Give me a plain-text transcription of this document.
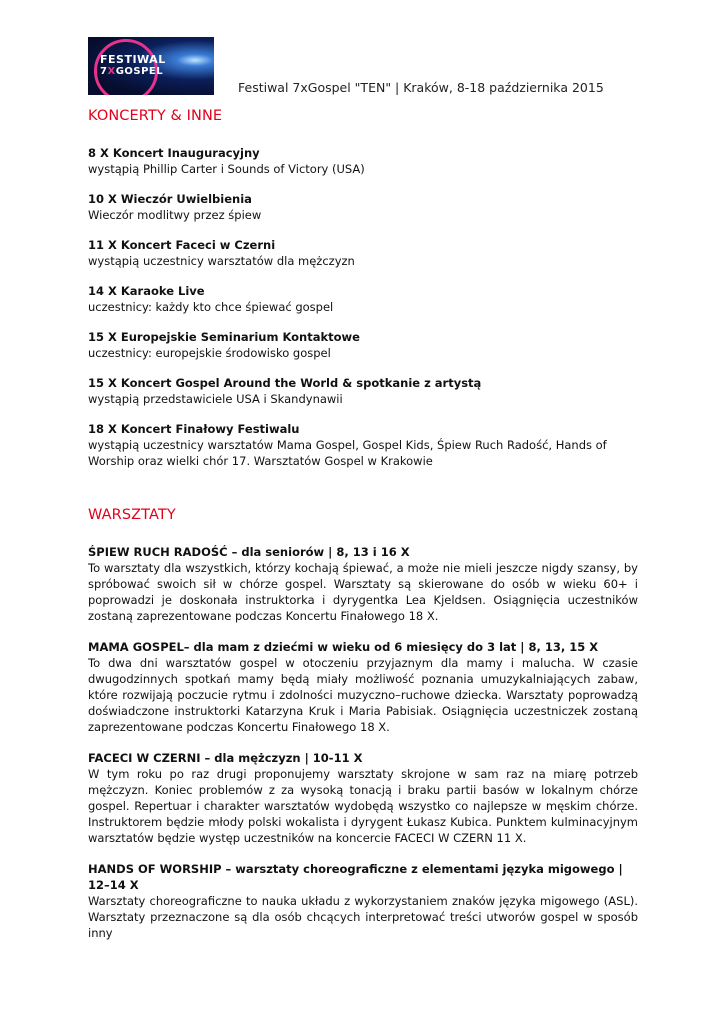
FESTIWAL
7XGOSPEL
Festiwal 7xGospel "TEN" | Kraków, 8-18 października 2015
KONCERTY & INNE
8 X Koncert Inauguracyjny
wystąpią Phillip Carter i Sounds of Victory (USA)
10 X Wieczór Uwielbienia
Wieczór modlitwy przez śpiew
11 X Koncert Faceci w Czerni
wystąpią uczestnicy warsztatów dla mężczyzn
14 X Karaoke Live
uczestnicy: każdy kto chce śpiewać gospel
15 X Europejskie Seminarium Kontaktowe
uczestnicy: europejskie środowisko gospel
15 X Koncert Gospel Around the World & spotkanie z artystą
wystąpią przedstawiciele USA i Skandynawii
18 X Koncert Finałowy Festiwalu
wystąpią uczestnicy warsztatów Mama Gospel, Gospel Kids, Śpiew Ruch Radość, Hands of Worship oraz wielki chór 17. Warsztatów Gospel w Krakowie
WARSZTATY
ŚPIEW RUCH RADOŚĆ – dla seniorów | 8, 13 i 16 X
To warsztaty dla wszystkich, którzy kochają śpiewać, a może nie mieli jeszcze nigdy szansy, by spróbować swoich sił w chórze gospel. Warsztaty są skierowane do osób w wieku 60+ i poprowadzi je doskonała instruktorka i dyrygentka Lea Kjeldsen. Osiągnięcia uczestników zostaną zaprezentowane podczas Koncertu Finałowego 18 X.
MAMA GOSPEL– dla mam z dziećmi w wieku od 6 miesięcy do 3 lat | 8, 13, 15 X
To dwa dni warsztatów gospel w otoczeniu przyjaznym dla mamy i malucha. W czasie dwugodzinnych spotkań mamy będą miały możliwość poznania umuzykalniających zabaw, które rozwijają poczucie rytmu i zdolności muzyczno–ruchowe dziecka. Warsztaty poprowadzą doświadczone instruktorki Katarzyna Kruk i Maria Pabisiak. Osiągnięcia uczestniczek zostaną zaprezentowane podczas Koncertu Finałowego 18 X.
FACECI W CZERNI – dla mężczyzn | 10-11 X
W tym roku po raz drugi proponujemy warsztaty skrojone w sam raz na miarę potrzeb mężczyzn. Koniec problemów z za wysoką tonacją i braku partii basów w lokalnym chórze gospel. Repertuar i charakter warsztatów wydobędą wszystko co najlepsze w męskim chórze. Instruktorem będzie młody polski wokalista i dyrygent Łukasz Kubica. Punktem kulminacyjnym warsztatów będzie występ uczestników na koncercie FACECI W CZERN 11 X.
HANDS OF WORSHIP – warsztaty choreograficzne z elementami języka migowego | 12–14 X
Warsztaty choreograficzne to nauka układu z wykorzystaniem znaków języka migowego (ASL). Warsztaty przeznaczone są dla osób chcących interpretować treści utworów gospel w sposób inny
